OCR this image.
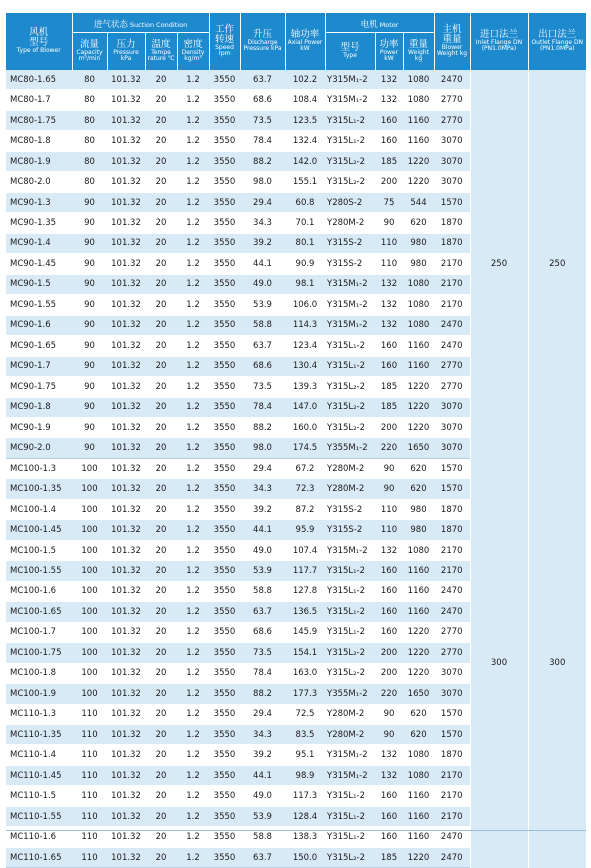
风机
型号
Type of Blower	进气状态 Suction Condition				工作
转速
Speed rpm	升压
Discharge Pressure kPa	轴功率
Axial Power kW	电机 Motor			主机
重量
Blower Weight kg	进口法兰
Inlet Flange DN (PN1.0MPa)	出口法兰
Outlet Flange DN (PN1.0MPa)

	流量
Capacity m³/min	压力
Pressure kPa	温度
Tempe rature ℃	密度
Density kg/m³				型号
Type	功率
Power kW	重量
Weight kg			

MC80-1.65	80	101.32	20	1.2	3550	63.7	102.2	Y315M₁-2	132	1080	2470	250	250
MC80-1.7	80	101.32	20	1.2	3550	68.6	108.4	Y315M₁-2	132	1080	2770		
MC80-1.75	80	101.32	20	1.2	3550	73.5	123.5	Y315L₁-2	160	1160	2770		
MC80-1.8	80	101.32	20	1.2	3550	78.4	132.4	Y315L₁-2	160	1160	3070		
MC80-1.9	80	101.32	20	1.2	3550	88.2	142.0	Y315L₂-2	185	1220	3070		
MC80-2.0	80	101.32	20	1.2	3550	98.0	155.1	Y315L₂-2	200	1220	3070		
MC90-1.3	90	101.32	20	1.2	3550	29.4	60.8	Y280S-2	75	544	1570		
MC90-1.35	90	101.32	20	1.2	3550	34.3	70.1	Y280M-2	90	620	1870		
MC90-1.4	90	101.32	20	1.2	3550	39.2	80.1	Y315S-2	110	980	1870		
MC90-1.45	90	101.32	20	1.2	3550	44.1	90.9	Y315S-2	110	980	2170		
MC90-1.5	90	101.32	20	1.2	3550	49.0	98.1	Y315M₁-2	132	1080	2170		
MC90-1.55	90	101.32	20	1.2	3550	53.9	106.0	Y315M₁-2	132	1080	2170		
MC90-1.6	90	101.32	20	1.2	3550	58.8	114.3	Y315M₁-2	132	1080	2470		
MC90-1.65	90	101.32	20	1.2	3550	63.7	123.4	Y315L₁-2	160	1160	2470		
MC90-1.7	90	101.32	20	1.2	3550	68.6	130.4	Y315L₁-2	160	1160	2770		
MC90-1.75	90	101.32	20	1.2	3550	73.5	139.3	Y315L₂-2	185	1220	2770		
MC90-1.8	90	101.32	20	1.2	3550	78.4	147.0	Y315L₂-2	185	1220	3070		
MC90-1.9	90	101.32	20	1.2	3550	88.2	160.0	Y315L₂-2	200	1220	3070		
MC90-2.0	90	101.32	20	1.2	3550	98.0	174.5	Y355M₁-2	220	1650	3070		
MC100-1.3	100	101.32	20	1.2	3550	29.4	67.2	Y280M-2	90	620	1570	300	300
MC100-1.35	100	101.32	20	1.2	3550	34.3	72.3	Y280M-2	90	620	1570		
MC100-1.4	100	101.32	20	1.2	3550	39.2	87.2	Y315S-2	110	980	1870		
MC100-1.45	100	101.32	20	1.2	3550	44.1	95.9	Y315S-2	110	980	1870		
MC100-1.5	100	101.32	20	1.2	3550	49.0	107.4	Y315M₁-2	132	1080	2170		
MC100-1.55	100	101.32	20	1.2	3550	53.9	117.7	Y315L₁-2	160	1160	2170		
MC100-1.6	100	101.32	20	1.2	3550	58.8	127.8	Y315L₁-2	160	1160	2470		
MC100-1.65	100	101.32	20	1.2	3550	63.7	136.5	Y315L₁-2	160	1160	2470		
MC100-1.7	100	101.32	20	1.2	3550	68.6	145.9	Y315L₁-2	160	1220	2770		
MC100-1.75	100	101.32	20	1.2	3550	73.5	154.1	Y315L₂-2	200	1220	2770		
MC100-1.8	100	101.32	20	1.2	3550	78.4	163.0	Y315L₂-2	200	1220	3070		
MC100-1.9	100	101.32	20	1.2	3550	88.2	177.3	Y355M₁-2	220	1650	3070		
MC110-1.3	110	101.32	20	1.2	3550	29.4	72.5	Y280M-2	90	620	1570		
MC110-1.35	110	101.32	20	1.2	3550	34.3	83.5	Y280M-2	90	620	1570		
MC110-1.4	110	101.32	20	1.2	3550	39.2	95.1	Y315M₁-2	132	1080	1870		
MC110-1.45	110	101.32	20	1.2	3550	44.1	98.9	Y315M₁-2	132	1080	2170		
MC110-1.5	110	101.32	20	1.2	3550	49.0	117.3	Y315L₁-2	160	1160	2170		
MC110-1.55	110	101.32	20	1.2	3550	53.9	128.4	Y315L₁-2	160	1160	2170		
MC110-1.6	110	101.32	20	1.2	3550	58.8	138.3	Y315L₁-2	160	1160	2470		
MC110-1.65	110	101.32	20	1.2	3550	63.7	150.0	Y315L₂-2	185	1220	2470		
